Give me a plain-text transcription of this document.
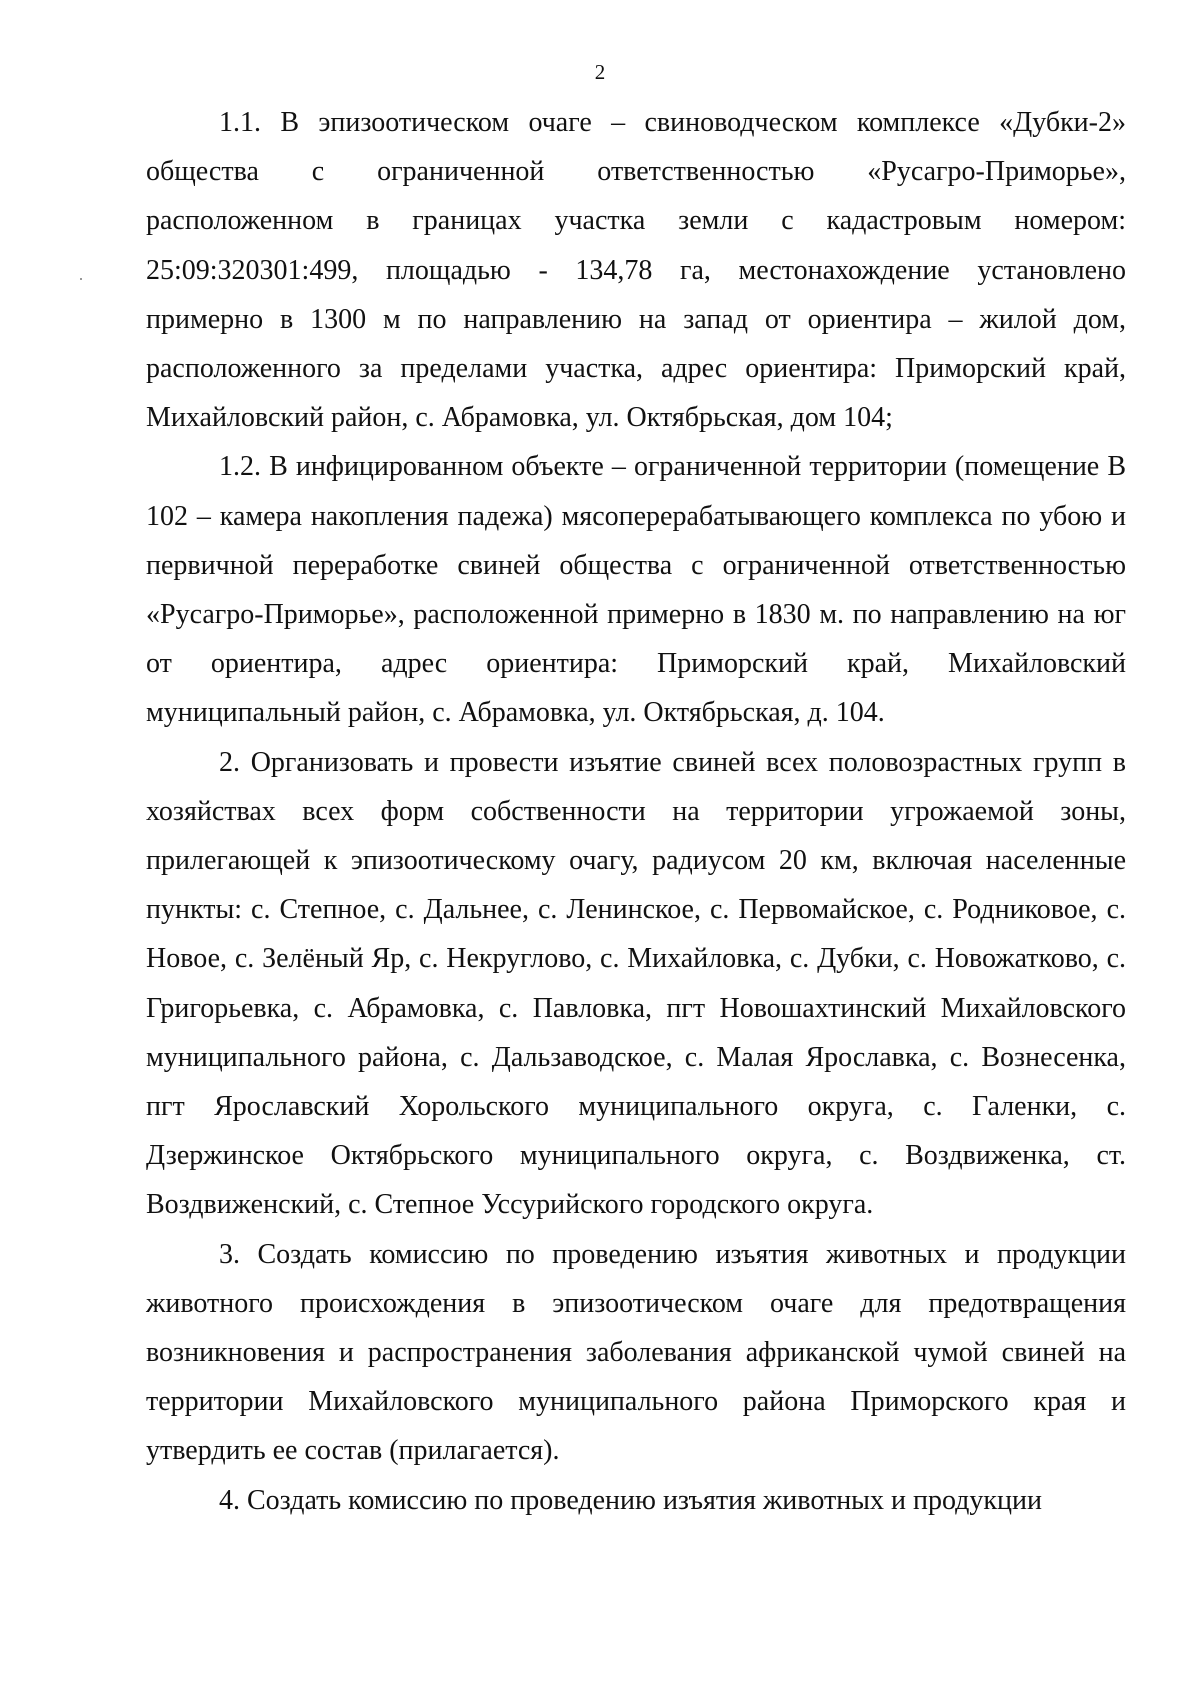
2

1.1. В эпизоотическом очаге – свиноводческом комплексе «Дубки-2» общества с ограниченной ответственностью «Русагро-Приморье», расположенном в границах участка земли с кадастровым номером: 25:09:320301:499, площадью - 134,78 га, местонахождение установлено примерно в 1300 м по направлению на запад от ориентира – жилой дом, расположенного за пределами участка, адрес ориентира: Приморский край, Михайловский район, с. Абрамовка, ул. Октябрьская, дом 104;

1.2. В инфицированном объекте – ограниченной территории (помещение В 102 – камера накопления падежа) мясоперерабатывающего комплекса по убою и первичной переработке свиней общества с ограниченной ответственностью «Русагро-Приморье», расположенной примерно в 1830 м. по направлению на юг от ориентира, адрес ориентира: Приморский край, Михайловский муниципальный район, с. Абрамовка, ул. Октябрьская, д. 104.

2. Организовать и провести изъятие свиней всех половозрастных групп в хозяйствах всех форм собственности на территории угрожаемой зоны, прилегающей к эпизоотическому очагу, радиусом 20 км, включая населенные пункты: с. Степное, с. Дальнее, с. Ленинское, с. Первомайское, с. Родниковое, с. Новое, с. Зелёный Яр, с. Некруглово, с. Михайловка, с. Дубки, с. Новожатково, с. Григорьевка, с. Абрамовка, с. Павловка, пгт Новошахтинский Михайловского муниципального района, с. Дальзаводское, с. Малая Ярославка, с. Вознесенка, пгт Ярославский Хорольского муниципального округа, с. Галенки, с. Дзержинское Октябрьского муниципального округа, с. Воздвиженка, ст. Воздвиженский, с. Степное Уссурийского городского округа.

3. Создать комиссию по проведению изъятия животных и продукции животного происхождения в эпизоотическом очаге для предотвращения возникновения и распространения заболевания африканской чумой свиней на территории Михайловского муниципального района Приморского края и утвердить ее состав (прилагается).

4. Создать комиссию по проведению изъятия животных и продукции
